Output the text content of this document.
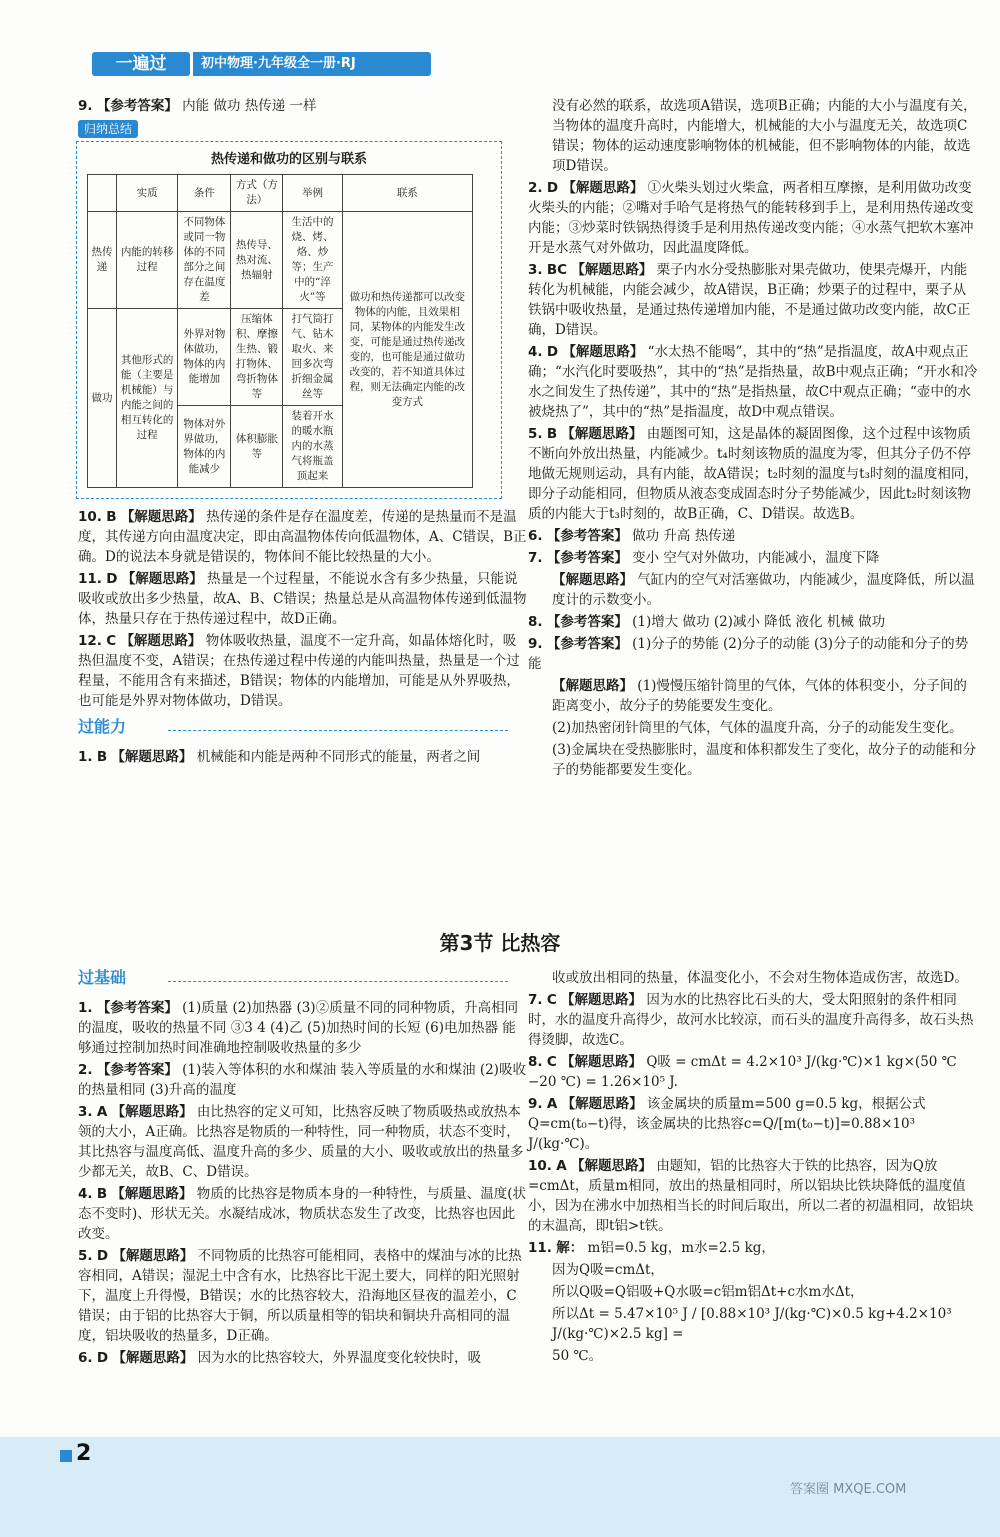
一遍过	初中物理·九年级全一册·RJ

9. 【参考答案】 内能 做功 热传递 一样

归纳总结
热传递和做功的区别与联系
	实质	条件	方式（方法）	举例	联系
热传递	内能的转移过程	不同物体或同一物体的不同部分之间存在温度差	热传导、热对流、热辐射	生活中的烧、烤、烙、炒等；生产中的“淬火”等	做功和热传递都可以改变物体的内能，且效果相同，某物体的内能发生改变，可能是通过热传递改变的，也可能是通过做功改变的，若不知道具体过程，则无法确定内能的改变方式
做功	其他形式的能（主要是机械能）与内能之间的相互转化的过程	外界对物体做功，物体的内能增加	压缩体积、摩擦生热、锻打物体、弯折物体等	打气筒打气、钻木取火、来回多次弯折细金属丝等	
		物体对外界做功，物体的内能减少	体积膨胀等	装着开水的暖水瓶内的水蒸气将瓶盖顶起来	

10. B 【解题思路】 热传递的条件是存在温度差，传递的是热量而不是温度，其传递方向由温度决定，即由高温物体传向低温物体，A、C错误，B正确。D的说法本身就是错误的，物体间不能比较热量的大小。

11. D 【解题思路】 热量是一个过程量，不能说水含有多少热量，只能说吸收或放出多少热量，故A、B、C错误；热量总是从高温物体传递到低温物体，热量只存在于热传递过程中，故D正确。

12. C 【解题思路】 物体吸收热量，温度不一定升高，如晶体熔化时，吸热但温度不变，A错误；在热传递过程中传递的内能叫热量，热量是一个过程量，不能用含有来描述，B错误；物体的内能增加，可能是从外界吸热，也可能是外界对物体做功，D错误。

过能力

1. B 【解题思路】 机械能和内能是两种不同形式的能量，两者之间

没有必然的联系，故选项A错误，选项B正确；内能的大小与温度有关，当物体的温度升高时，内能增大，机械能的大小与温度无关，故选项C错误；物体的运动速度影响物体的机械能，但不影响物体的内能，故选项D错误。

2. D 【解题思路】 ①火柴头划过火柴盒，两者相互摩擦，是利用做功改变火柴头的内能；②嘴对手哈气是将热气的能转移到手上，是利用热传递改变内能；③炒菜时铁锅热得烫手是利用热传递改变内能；④水蒸气把软木塞冲开是水蒸气对外做功，因此温度降低。

3. BC 【解题思路】 栗子内水分受热膨胀对果壳做功，使果壳爆开，内能转化为机械能，内能会减少，故A错误，B正确；炒栗子的过程中，栗子从铁锅中吸收热量，是通过热传递增加内能，不是通过做功改变内能，故C正确，D错误。

4. D 【解题思路】 “水太热不能喝”，其中的“热”是指温度，故A中观点正确；“水汽化时要吸热”，其中的“热”是指热量，故B中观点正确；“开水和冷水之间发生了热传递”，其中的“热”是指热量，故C中观点正确；“壶中的水被烧热了”，其中的“热”是指温度，故D中观点错误。

5. B 【解题思路】 由题图可知，这是晶体的凝固图像，这个过程中该物质不断向外放出热量，内能减少。t₄时刻该物质的温度为零，但其分子仍不停地做无规则运动，具有内能，故A错误；t₂时刻的温度与t₃时刻的温度相同，即分子动能相同，但物质从液态变成固态时分子势能减少，因此t₂时刻该物质的内能大于t₃时刻的，故B正确，C、D错误。故选B。

6. 【参考答案】 做功 升高 热传递

7. 【参考答案】 变小 空气对外做功，内能减小，温度下降

【解题思路】 气缸内的空气对活塞做功，内能减少，温度降低，所以温度计的示数变小。

8. 【参考答案】 (1)增大 做功 (2)减小 降低 液化 机械 做功

9. 【参考答案】 (1)分子的势能 (2)分子的动能 (3)分子的动能和分子的势能

【解题思路】 (1)慢慢压缩针筒里的气体，气体的体积变小，分子间的距离变小，故分子的势能要发生变化。

(2)加热密闭针筒里的气体，气体的温度升高，分子的动能发生变化。

(3)金属块在受热膨胀时，温度和体积都发生了变化，故分子的动能和分子的势能都要发生变化。

第3节 比热容
过基础

1. 【参考答案】 (1)质量 (2)加热器 (3)②质量不同的同种物质，升高相同的温度，吸收的热量不同 ③3 4 (4)乙 (5)加热时间的长短 (6)电加热器 能够通过控制加热时间准确地控制吸收热量的多少

2. 【参考答案】 (1)装入等体积的水和煤油 装入等质量的水和煤油 (2)吸收的热量相同 (3)升高的温度

3. A 【解题思路】 由比热容的定义可知，比热容反映了物质吸热或放热本领的大小，A正确。比热容是物质的一种特性，同一种物质，状态不变时，其比热容与温度高低、温度升高的多少、质量的大小、吸收或放出的热量多少都无关，故B、C、D错误。

4. B 【解题思路】 物质的比热容是物质本身的一种特性，与质量、温度(状态不变时)、形状无关。水凝结成冰，物质状态发生了改变，比热容也因此改变。

5. D 【解题思路】 不同物质的比热容可能相同，表格中的煤油与冰的比热容相同，A错误；湿泥土中含有水，比热容比干泥土要大，同样的阳光照射下，温度上升得慢，B错误；水的比热容较大，沿海地区昼夜的温差小，C错误；由于铝的比热容大于铜，所以质量相等的铝块和铜块升高相同的温度，铝块吸收的热量多，D正确。

6. D 【解题思路】 因为水的比热容较大，外界温度变化较快时，吸

收或放出相同的热量，体温变化小，不会对生物体造成伤害，故选D。

7. C 【解题思路】 因为水的比热容比石头的大，受太阳照射的条件相同时，水的温度升高得少，故河水比较凉，而石头的温度升高得多，故石头热得烫脚，故选C。

8. C 【解题思路】 Q吸 = cmΔt = 4.2×10³ J/(kg·℃)×1 kg×(50 ℃−20 ℃) = 1.26×10⁵ J.

9. A 【解题思路】 该金属块的质量m=500 g=0.5 kg，根据公式Q=cm(t₀−t)得，该金属块的比热容c=Q/[m(t₀−t)]=0.88×10³ J/(kg·℃)。

10. A 【解题思路】 由题知，铝的比热容大于铁的比热容，因为Q放=cmΔt，质量m相同，放出的热量相同时，所以铝块比铁块降低的温度值小，因为在沸水中加热相当长的时间后取出，所以二者的初温相同，故铝块的末温高，即t铝>t铁。

11. 解： m铝=0.5 kg，m水=2.5 kg，

因为Q吸=cmΔt，

所以Q吸=Q铝吸+Q水吸=c铝m铝Δt+c水m水Δt，

所以Δt = 5.47×10⁵ J / [0.88×10³ J/(kg·℃)×0.5 kg+4.2×10³ J/(kg·℃)×2.5 kg] =

50 ℃。

2
答案圈 MXQE.COM
